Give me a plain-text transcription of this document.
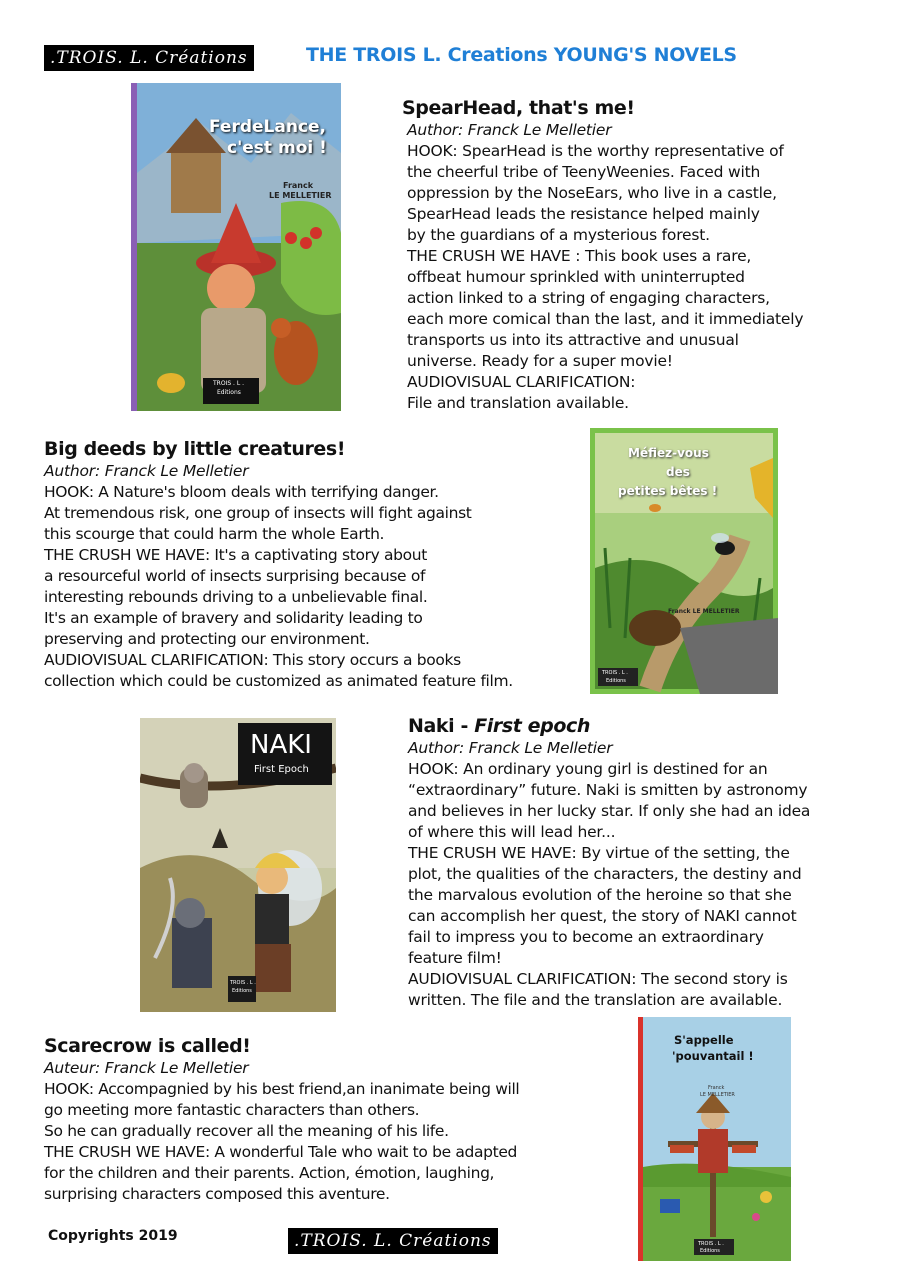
.TROIS. L. Créations	THE TROIS L. Creations YOUNG'S NOVELS
FerdeLance,
c'est moi !
Franck
LE MELLETIER
TROIS . L .
Editions
SpearHead, that's me!
Author: Franck Le Melletier
HOOK: SpearHead is the worthy representative of
the cheerful tribe of TeenyWeenies. Faced with
oppression by the NoseEars, who live in a castle,
SpearHead leads the resistance helped mainly
by the guardians of a mysterious forest.
THE CRUSH WE HAVE : This book uses a rare,
offbeat humour sprinkled with uninterrupted
action linked to a string of engaging characters,
each more comical than the last, and it immediately
transports us into its attractive and unusual
universe. Ready for a super movie!
AUDIOVISUAL CLARIFICATION:
File and translation available.
Big deeds by little creatures!
Author: Franck Le Melletier
HOOK: A Nature's bloom deals with terrifying danger.
At tremendous risk, one group of insects will fight against
this scourge that could harm the whole Earth.
THE CRUSH WE HAVE: It's a captivating story about
a resourceful world of insects surprising because of
interesting rebounds driving to a unbelievable final.
It's an example of bravery and solidarity leading to
preserving and protecting our environment.
AUDIOVISUAL CLARIFICATION: This story occurs a books
collection which could be customized as animated feature film.
Méfiez-vous
des
petites bêtes !
Franck LE MELLETIER
TROIS . L .
Editions
NAKI
First Epoch
TROIS . L .
Editions
Naki - First epoch
Author: Franck Le Melletier
HOOK: An ordinary young girl is destined for an
“extraordinary” future. Naki is smitten by astronomy
and believes in her lucky star. If only she had an idea
of where this will lead her...
THE CRUSH WE HAVE: By virtue of the setting, the
plot, the qualities of the characters, the destiny and
the marvalous evolution of the heroine so that she
can accomplish her quest, the story of NAKI cannot
fail to impress you to become an extraordinary
feature film!
AUDIOVISUAL CLARIFICATION: The second story is
written. The file and the translation are available.
Scarecrow is called!
Auteur: Franck Le Melletier
HOOK: Accompagnied by his best friend,an inanimate being will
go meeting more fantastic characters than others.
So he can gradually recover all the meaning of his life.
THE CRUSH WE HAVE: A wonderful Tale who wait to be adapted
for the children and their parents. Action, émotion, laughing,
surprising characters composed this aventure.
S'appelle
'pouvantail !
Franck
LE MELLETIER
TROIS . L .
Editions
Copyrights 2019	.TROIS. L. Créations
